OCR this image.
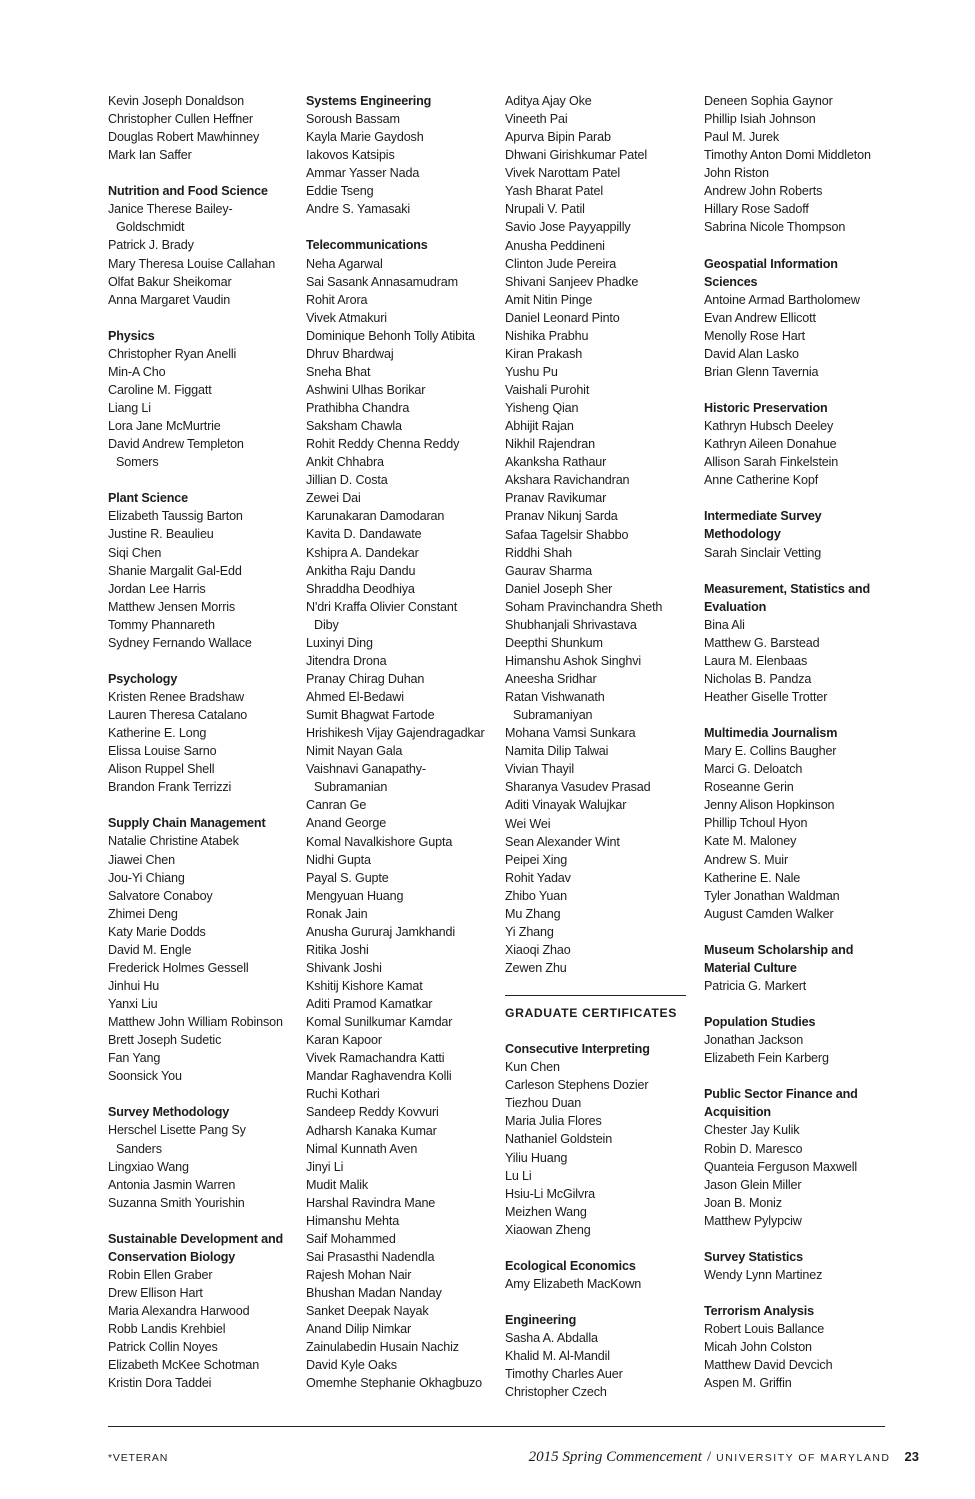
Kevin Joseph Donaldson
Christopher Cullen Heffner
Douglas Robert Mawhinney
Mark Ian Saffer
Nutrition and Food Science
Janice Therese Bailey-
Goldschmidt
Patrick J. Brady
Mary Theresa Louise Callahan
Olfat Bakur Sheikomar
Anna Margaret Vaudin
Physics
Christopher Ryan Anelli
Min-A Cho
Caroline M. Figgatt
Liang Li
Lora Jane McMurtrie
David Andrew Templeton
Somers
Plant Science
Elizabeth Taussig Barton
Justine R. Beaulieu
Siqi Chen
Shanie Margalit Gal-Edd
Jordan Lee Harris
Matthew Jensen Morris
Tommy Phannareth
Sydney Fernando Wallace
Psychology
Kristen Renee Bradshaw
Lauren Theresa Catalano
Katherine E. Long
Elissa Louise Sarno
Alison Ruppel Shell
Brandon Frank Terrizzi
Supply Chain Management
Natalie Christine Atabek
Jiawei Chen
Jou-Yi Chiang
Salvatore Conaboy
Zhimei Deng
Katy Marie Dodds
David M. Engle
Frederick Holmes Gessell
Jinhui Hu
Yanxi Liu
Matthew John William Robinson
Brett Joseph Sudetic
Fan Yang
Soonsick You
Survey Methodology
Herschel Lisette Pang Sy
Sanders
Lingxiao Wang
Antonia Jasmin Warren
Suzanna Smith Yourishin
Sustainable Development and
Conservation Biology
Robin Ellen Graber
Drew Ellison Hart
Maria Alexandra Harwood
Robb Landis Krehbiel
Patrick Collin Noyes
Elizabeth McKee Schotman
Kristin Dora Taddei
Systems Engineering
Soroush Bassam
Kayla Marie Gaydosh
Iakovos Katsipis
Ammar Yasser Nada
Eddie Tseng
Andre S. Yamasaki
Telecommunications
Neha Agarwal
Sai Sasank Annasamudram
Rohit Arora
Vivek Atmakuri
Dominique Behonh Tolly Atibita
Dhruv Bhardwaj
Sneha Bhat
Ashwini Ulhas Borikar
Prathibha Chandra
Saksham Chawla
Rohit Reddy Chenna Reddy
Ankit Chhabra
Jillian D. Costa
Zewei Dai
Karunakaran Damodaran
Kavita D. Dandawate
Kshipra A. Dandekar
Ankitha Raju Dandu
Shraddha Deodhiya
N'dri Kraffa Olivier Constant
Diby
Luxinyi Ding
Jitendra Drona
Pranay Chirag Duhan
Ahmed El-Bedawi
Sumit Bhagwat Fartode
Hrishikesh Vijay Gajendragadkar
Nimit Nayan Gala
Vaishnavi Ganapathy-
Subramanian
Canran Ge
Anand George
Komal Navalkishore Gupta
Nidhi Gupta
Payal S. Gupte
Mengyuan Huang
Ronak Jain
Anusha Gururaj Jamkhandi
Ritika Joshi
Shivank Joshi
Kshitij Kishore Kamat
Aditi Pramod Kamatkar
Komal Sunilkumar Kamdar
Karan Kapoor
Vivek Ramachandra Katti
Mandar Raghavendra Kolli
Ruchi Kothari
Sandeep Reddy Kovvuri
Adharsh Kanaka Kumar
Nimal Kunnath Aven
Jinyi Li
Mudit Malik
Harshal Ravindra Mane
Himanshu Mehta
Saif Mohammed
Sai Prasasthi Nadendla
Rajesh Mohan Nair
Bhushan Madan Nanday
Sanket Deepak Nayak
Anand Dilip Nimkar
Zainulabedin Husain Nachiz
David Kyle Oaks
Omemhe Stephanie Okhagbuzo
Aditya Ajay Oke
Vineeth Pai
Apurva Bipin Parab
Dhwani Girishkumar Patel
Vivek Narottam Patel
Yash Bharat Patel
Nrupali V. Patil
Savio Jose Payyappilly
Anusha Peddineni
Clinton Jude Pereira
Shivani Sanjeev Phadke
Amit Nitin Pinge
Daniel Leonard Pinto
Nishika Prabhu
Kiran Prakash
Yushu Pu
Vaishali Purohit
Yisheng Qian
Abhijit Rajan
Nikhil Rajendran
Akanksha Rathaur
Akshara Ravichandran
Pranav Ravikumar
Pranav Nikunj Sarda
Safaa Tagelsir Shabbo
Riddhi Shah
Gaurav Sharma
Daniel Joseph Sher
Soham Pravinchandra Sheth
Shubhanjali Shrivastava
Deepthi Shunkum
Himanshu Ashok Singhvi
Aneesha Sridhar
Ratan Vishwanath
Subramaniyan
Mohana Vamsi Sunkara
Namita Dilip Talwai
Vivian Thayil
Sharanya Vasudev Prasad
Aditi Vinayak Walujkar
Wei Wei
Sean Alexander Wint
Peipei Xing
Rohit Yadav
Zhibo Yuan
Mu Zhang
Yi Zhang
Xiaoqi Zhao
Zewen Zhu
GRADUATE CERTIFICATES
Consecutive Interpreting
Kun Chen
Carleson Stephens Dozier
Tiezhou Duan
Maria Julia Flores
Nathaniel Goldstein
Yiliu Huang
Lu Li
Hsiu-Li McGilvra
Meizhen Wang
Xiaowan Zheng
Ecological Economics
Amy Elizabeth MacKown
Engineering
Sasha A. Abdalla
Khalid M. Al-Mandil
Timothy Charles Auer
Christopher Czech
Deneen Sophia Gaynor
Phillip Isiah Johnson
Paul M. Jurek
Timothy Anton Domi Middleton
John Riston
Andrew John Roberts
Hillary Rose Sadoff
Sabrina Nicole Thompson
Geospatial Information
Sciences
Antoine Armad Bartholomew
Evan Andrew Ellicott
Menolly Rose Hart
David Alan Lasko
Brian Glenn Tavernia
Historic Preservation
Kathryn Hubsch Deeley
Kathryn Aileen Donahue
Allison Sarah Finkelstein
Anne Catherine Kopf
Intermediate Survey
Methodology
Sarah Sinclair Vetting
Measurement, Statistics and
Evaluation
Bina Ali
Matthew G. Barstead
Laura M. Elenbaas
Nicholas B. Pandza
Heather Giselle Trotter
Multimedia Journalism
Mary E. Collins Baugher
Marci G. Deloatch
Roseanne Gerin
Jenny Alison Hopkinson
Phillip Tchoul Hyon
Kate M. Maloney
Andrew S. Muir
Katherine E. Nale
Tyler Jonathan Waldman
August Camden Walker
Museum Scholarship and
Material Culture
Patricia G. Markert
Population Studies
Jonathan Jackson
Elizabeth Fein Karberg
Public Sector Finance and
Acquisition
Chester Jay Kulik
Robin D. Maresco
Quanteia Ferguson Maxwell
Jason Glein Miller
Joan B. Moniz
Matthew Pylypciw
Survey Statistics
Wendy Lynn Martinez
Terrorism Analysis
Robert Louis Ballance
Micah John Colston
Matthew David Devcich
Aspen M. Griffin
*VETERAN	2015 Spring Commencement / UNIVERSITY OF MARYLAND 23
